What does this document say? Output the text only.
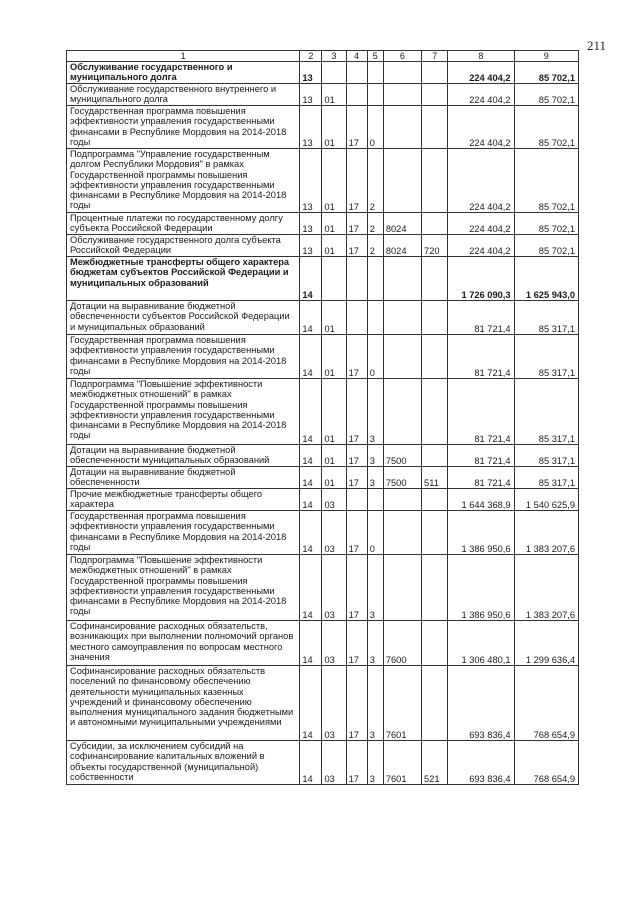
211
1	2	3	4	5	6	7	8	9
Обслуживание государственного и муниципального долга	13						224 404,2	85 702,1
Обслуживание государственного внутреннего и муниципального долга	13	01					224 404,2	85 702,1
Государственная программа повышения эффективности управления государственными финансами в Республике Мордовия на 2014-2018 годы	13	01	17	0			224 404,2	85 702,1
Подпрограмма "Управление государственным долгом Республики Мордовия" в рамках Государственной программы повышения эффективности управления государственными финансами в Республике Мордовия на 2014-2018 годы	13	01	17	2			224 404,2	85 702,1
Процентные платежи по государственному долгу субъекта Российской Федерации	13	01	17	2	8024		224 404,2	85 702,1
Обслуживание государственного долга субъекта Российской Федерации	13	01	17	2	8024	720	224 404,2	85 702,1
Межбюджетные трансферты общего характера бюджетам субъектов Российской Федерации и муниципальных образований	14						1 726 090,3	1 625 943,0
Дотации на выравнивание бюджетной обеспеченности субъектов Российской Федерации и муниципальных образований	14	01					81 721,4	85 317,1
Государственная программа повышения эффективности управления государственными финансами в Республике Мордовия на 2014-2018 годы	14	01	17	0			81 721,4	85 317,1
Подпрограмма "Повышение эффективности межбюджетных отношений" в рамках Государственной программы повышения эффективности управления государственными финансами в Республике Мордовия на 2014-2018 годы	14	01	17	3			81 721,4	85 317,1
Дотации на выравнивание бюджетной обеспеченности муниципальных образований	14	01	17	3	7500		81 721,4	85 317,1
Дотации на выравнивание бюджетной обеспеченности	14	01	17	3	7500	511	81 721,4	85 317,1
Прочие межбюджетные трансферты общего характера	14	03					1 644 368,9	1 540 625,9
Государственная программа повышения эффективности управления государственными финансами в Республике Мордовия на 2014-2018 годы	14	03	17	0			1 386 950,6	1 383 207,6
Подпрограмма "Повышение эффективности межбюджетных отношений" в рамках Государственной программы повышения эффективности управления государственными финансами в Республике Мордовия на 2014-2018 годы	14	03	17	3			1 386 950,6	1 383 207,6
Софинансирование расходных обязательств, возникающих при выполнении полномочий органов местного самоуправления по вопросам местного значения	14	03	17	3	7600		1 306 480,1	1 299 636,4
Софинансирование расходных обязательств поселений по финансовому обеспечению деятельности муниципальных казенных учреждений и финансовому обеспечению выполнения муниципального задания бюджетными и автономными муниципальными учреждениями	14	03	17	3	7601		693 836,4	768 654,9
Субсидии, за исключением субсидий на софинансирование капитальных вложений в объекты государственной (муниципальной) собственности	14	03	17	3	7601	521	693 836,4	768 654,9
